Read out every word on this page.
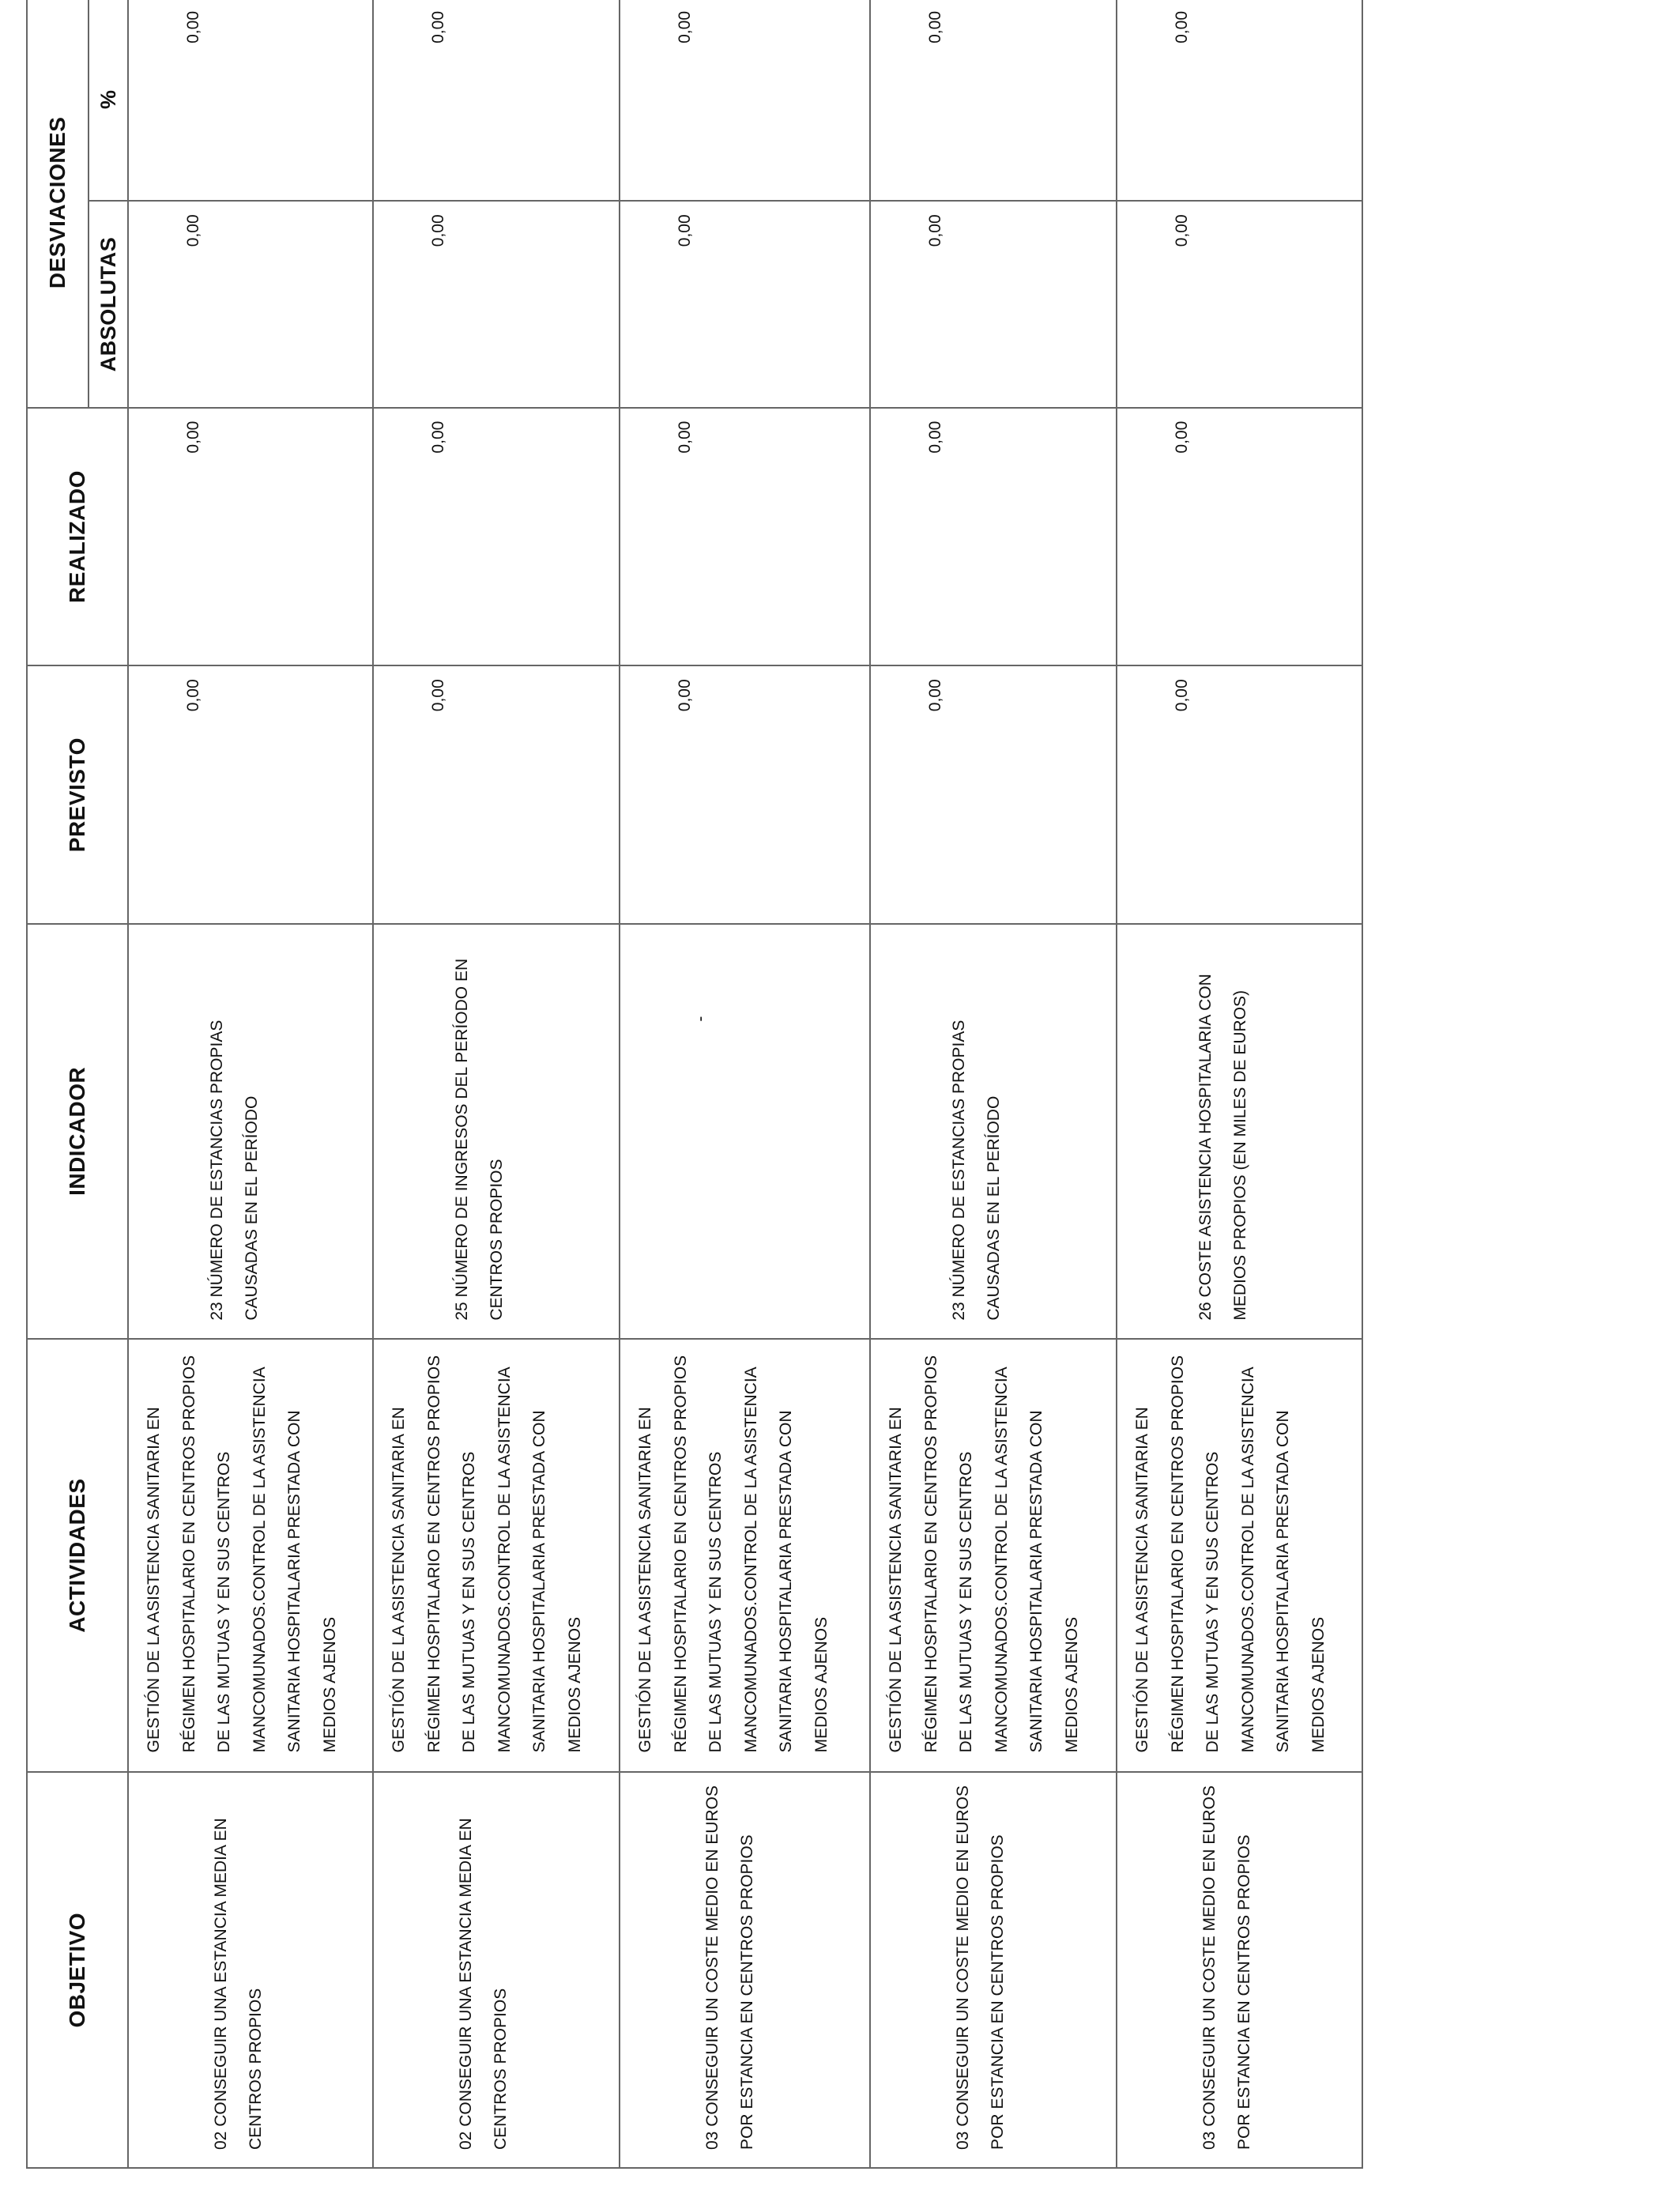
OBJETIVO	ACTIVIDADES	INDICADOR	PREVISTO	REALIZADO	DESVIACIONES	
					ABSOLUTAS	%

02 CONSEGUIR UNA ESTANCIA MEDIA EN CENTROS PROPIOS	GESTIÓN DE LA ASISTENCIA SANITARIA EN RÉGIMEN HOSPITALARIO EN CENTROS PROPIOS DE LAS MUTUAS Y EN SUS CENTROS MANCOMUNADOS.CONTROL DE LA ASISTENCIA SANITARIA HOSPITALARIA PRESTADA CON MEDIOS AJENOS	23 NÚMERO DE ESTANCIAS PROPIAS CAUSADAS EN EL PERÍODO	0,00	0,00	0,00	0,00

02 CONSEGUIR UNA ESTANCIA MEDIA EN CENTROS PROPIOS	GESTIÓN DE LA ASISTENCIA SANITARIA EN RÉGIMEN HOSPITALARIO EN CENTROS PROPIOS DE LAS MUTUAS Y EN SUS CENTROS MANCOMUNADOS.CONTROL DE LA ASISTENCIA SANITARIA HOSPITALARIA PRESTADA CON MEDIOS AJENOS	25 NÚMERO DE INGRESOS DEL PERÍODO EN CENTROS PROPIOS	0,00	0,00	0,00	0,00

03 CONSEGUIR UN COSTE MEDIO EN EUROS POR ESTANCIA EN CENTROS PROPIOS	GESTIÓN DE LA ASISTENCIA SANITARIA EN RÉGIMEN HOSPITALARIO EN CENTROS PROPIOS DE LAS MUTUAS Y EN SUS CENTROS MANCOMUNADOS.CONTROL DE LA ASISTENCIA SANITARIA HOSPITALARIA PRESTADA CON MEDIOS AJENOS	-	0,00	0,00	0,00	0,00

03 CONSEGUIR UN COSTE MEDIO EN EUROS POR ESTANCIA EN CENTROS PROPIOS	GESTIÓN DE LA ASISTENCIA SANITARIA EN RÉGIMEN HOSPITALARIO EN CENTROS PROPIOS DE LAS MUTUAS Y EN SUS CENTROS MANCOMUNADOS.CONTROL DE LA ASISTENCIA SANITARIA HOSPITALARIA PRESTADA CON MEDIOS AJENOS	23 NÚMERO DE ESTANCIAS PROPIAS CAUSADAS EN EL PERÍODO	0,00	0,00	0,00	0,00

03 CONSEGUIR UN COSTE MEDIO EN EUROS POR ESTANCIA EN CENTROS PROPIOS	GESTIÓN DE LA ASISTENCIA SANITARIA EN RÉGIMEN HOSPITALARIO EN CENTROS PROPIOS DE LAS MUTUAS Y EN SUS CENTROS MANCOMUNADOS.CONTROL DE LA ASISTENCIA SANITARIA HOSPITALARIA PRESTADA CON MEDIOS AJENOS	26 COSTE ASISTENCIA HOSPITALARIA CON MEDIOS PROPIOS (EN MILES DE EUROS)	0,00	0,00	0,00	0,00
